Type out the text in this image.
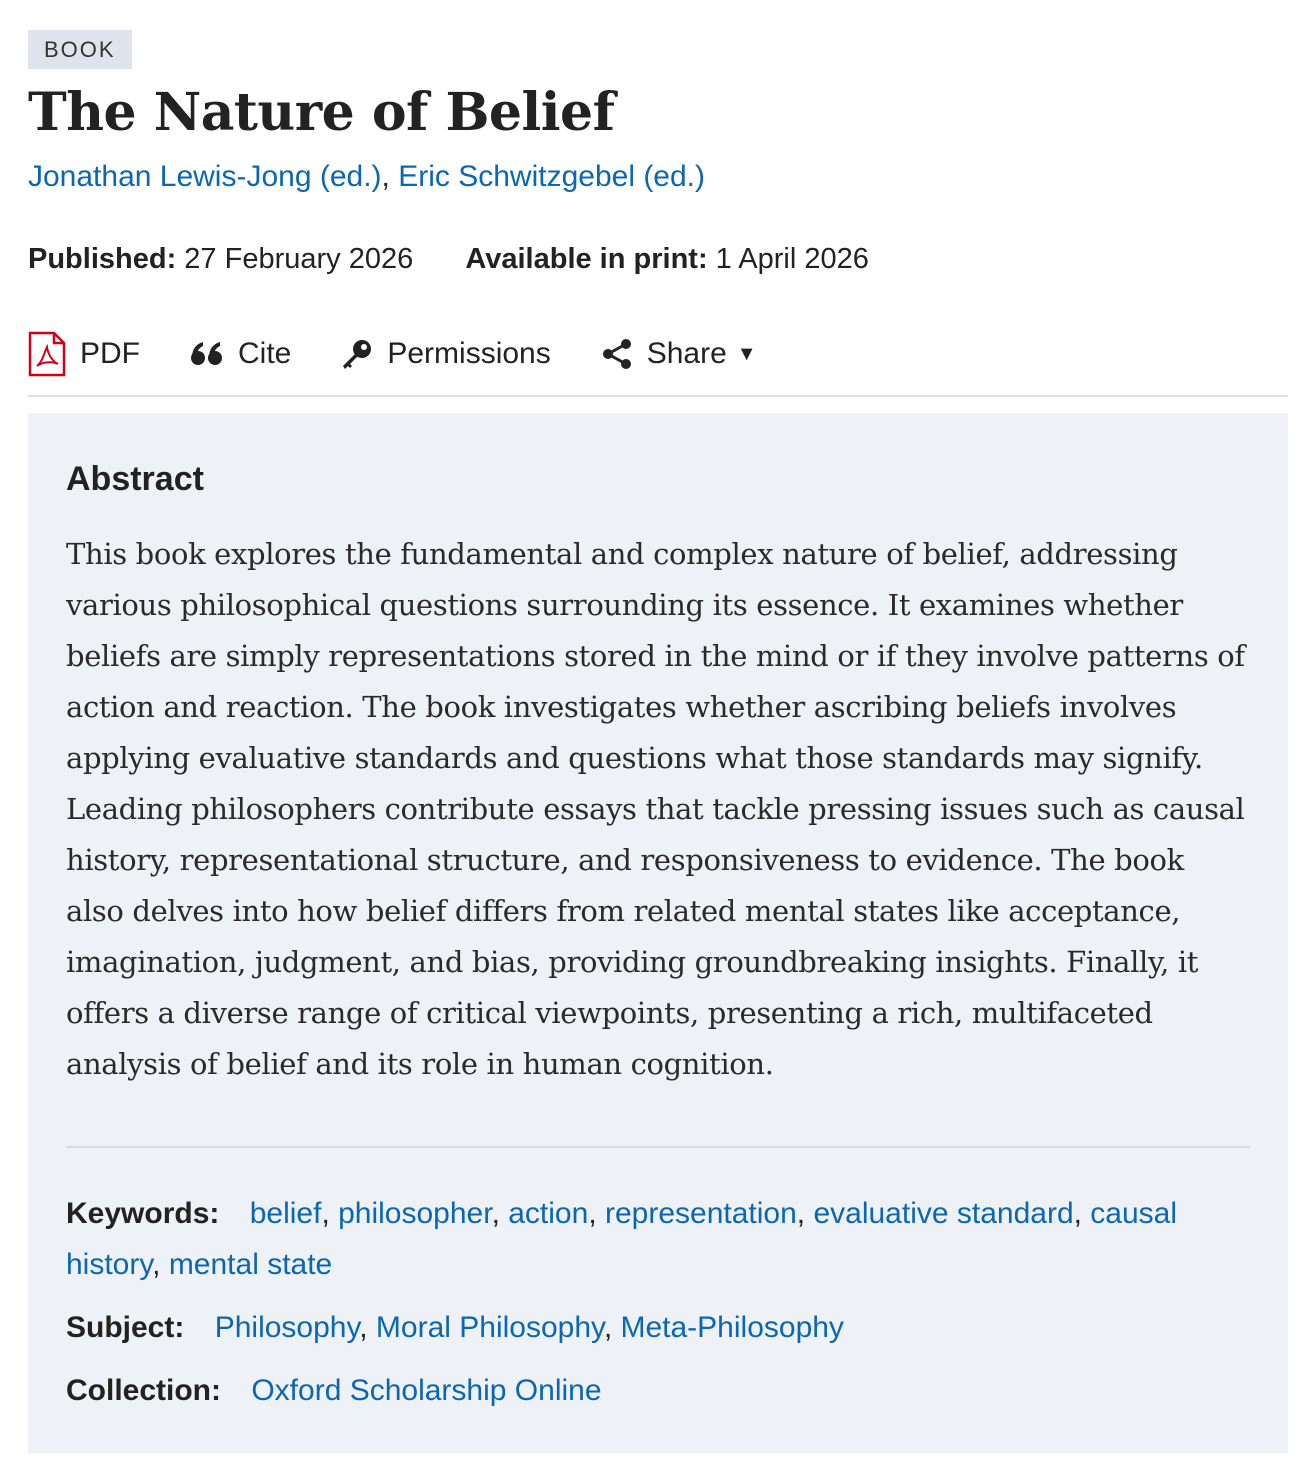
BOOK
The Nature of Belief
Jonathan Lewis-Jong (ed.), Eric Schwitzgebel (ed.)
Published: 27 February 2026 Available in print: 1 April 2026
PDF	Cite	Permissions	Share ▼
Abstract

This book explores the fundamental and complex nature of belief, addressing various philosophical questions surrounding its essence. It examines whether beliefs are simply representations stored in the mind or if they involve patterns of action and reaction. The book investigates whether ascribing beliefs involves applying evaluative standards and questions what those standards may signify. Leading philosophers contribute essays that tackle pressing issues such as causal history, representational structure, and responsiveness to evidence. The book also delves into how belief differs from related mental states like acceptance, imagination, judgment, and bias, providing groundbreaking insights. Finally, it offers a diverse range of critical viewpoints, presenting a rich, multifaceted analysis of belief and its role in human cognition.

Keywords: belief, philosopher, action, representation, evaluative standard, causal history, mental state
Subject: Philosophy, Moral Philosophy, Meta-Philosophy
Collection: Oxford Scholarship Online
